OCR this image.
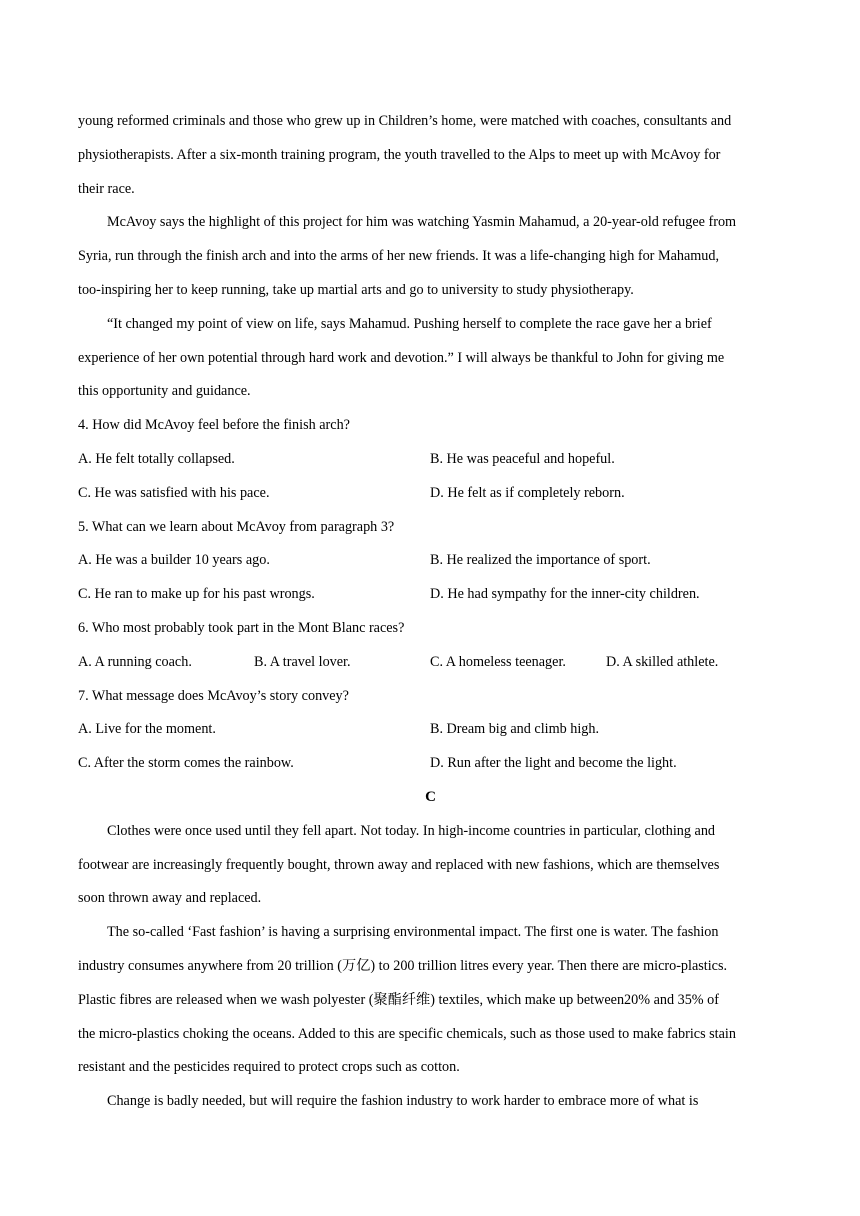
young reformed criminals and those who grew up in Children’s home, were matched with coaches, consultants and
physiotherapists. After a six-month training program, the youth travelled to the Alps to meet up with McAvoy for
their race.
McAvoy says the highlight of this project for him was watching Yasmin Mahamud, a 20-year-old refugee from
Syria, run through the finish arch and into the arms of her new friends. It was a life-changing high for Mahamud,
too-inspiring her to keep running, take up martial arts and go to university to study physiotherapy.
“It changed my point of view on life, says Mahamud. Pushing herself to complete the race gave her a brief
experience of her own potential through hard work and devotion.” I will always be thankful to John for giving me
this opportunity and guidance.
4. How did McAvoy feel before the finish arch?
A. He felt totally collapsed.	B. He was peaceful and hopeful.
C. He was satisfied with his pace.	D. He felt as if completely reborn.
5. What can we learn about McAvoy from paragraph 3?
A. He was a builder 10 years ago.	B. He realized the importance of sport.
C. He ran to make up for his past wrongs.	D. He had sympathy for the inner-city children.
6. Who most probably took part in the Mont Blanc races?
A. A running coach.	B. A travel lover.	C. A homeless teenager.	D. A skilled athlete.
7. What message does McAvoy’s story convey?
A. Live for the moment.	B. Dream big and climb high.
C. After the storm comes the rainbow.	D. Run after the light and become the light.
C
Clothes were once used until they fell apart. Not today. In high-income countries in particular, clothing and
footwear are increasingly frequently bought, thrown away and replaced with new fashions, which are themselves
soon thrown away and replaced.
The so-called ‘Fast fashion’ is having a surprising environmental impact. The first one is water. The fashion
industry consumes anywhere from 20 trillion (万亿) to 200 trillion litres every year. Then there are micro-plastics.
Plastic fibres are released when we wash polyester (聚酯纤维) textiles, which make up between20% and 35% of
the micro-plastics choking the oceans. Added to this are specific chemicals, such as those used to make fabrics stain
resistant and the pesticides required to protect crops such as cotton.
Change is badly needed, but will require the fashion industry to work harder to embrace more of what is
